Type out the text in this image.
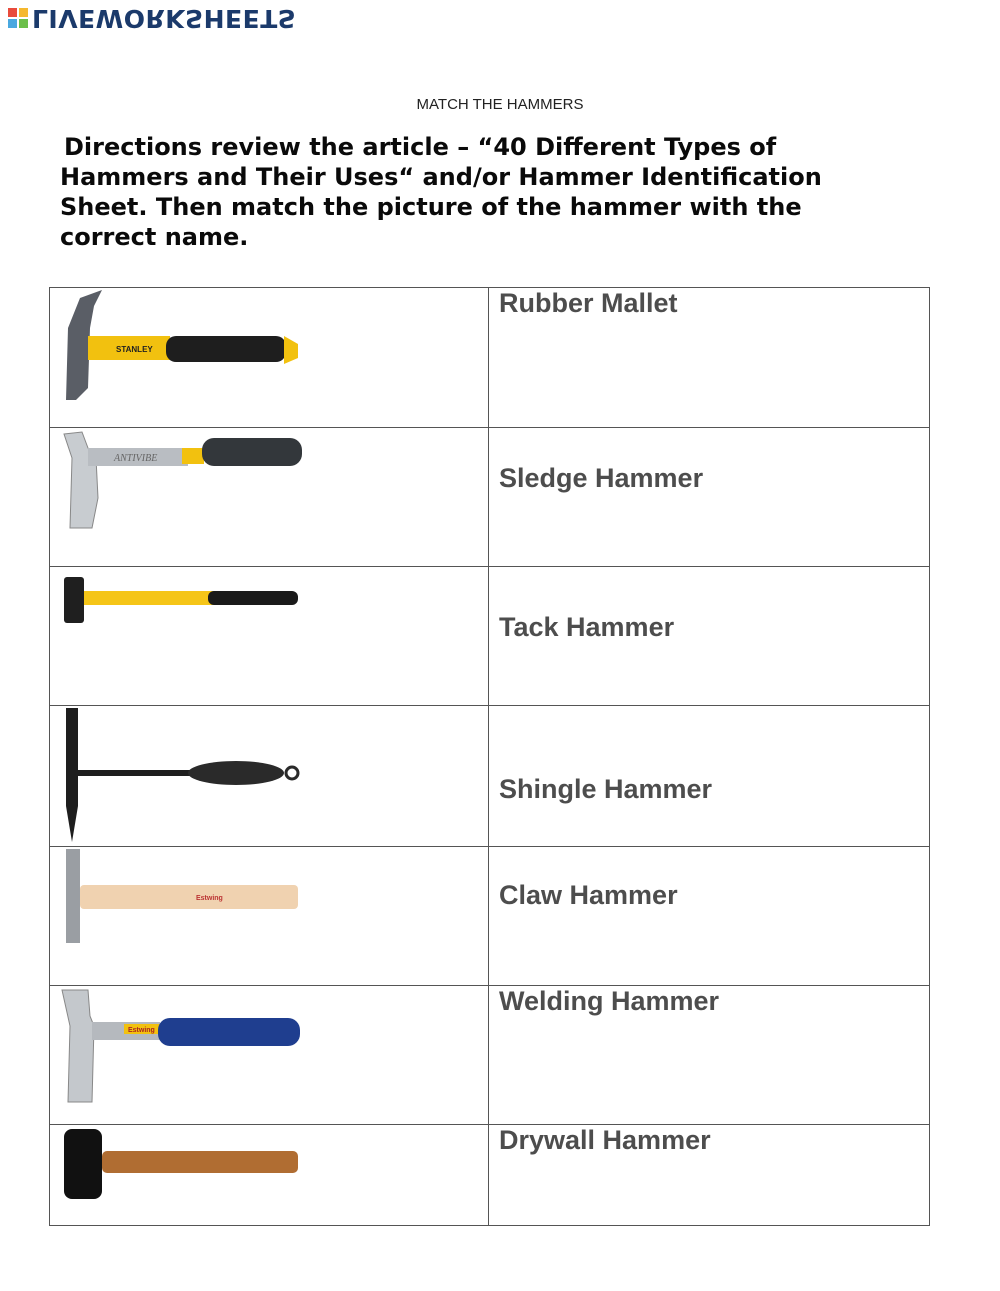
LIVEWORKSHEETS
MATCH THE HAMMERS
Directions review the article – “40 Different Types of Hammers and Their Uses“ and/or Hammer Identification Sheet. Then match the picture of the hammer with the correct name.
STANLEY	Rubber Mallet

ANTIVIBE	Sledge Hammer

Tack Hammer

Shingle Hammer

Estwing	Claw Hammer

Estwing	Welding Hammer

Drywall Hammer
